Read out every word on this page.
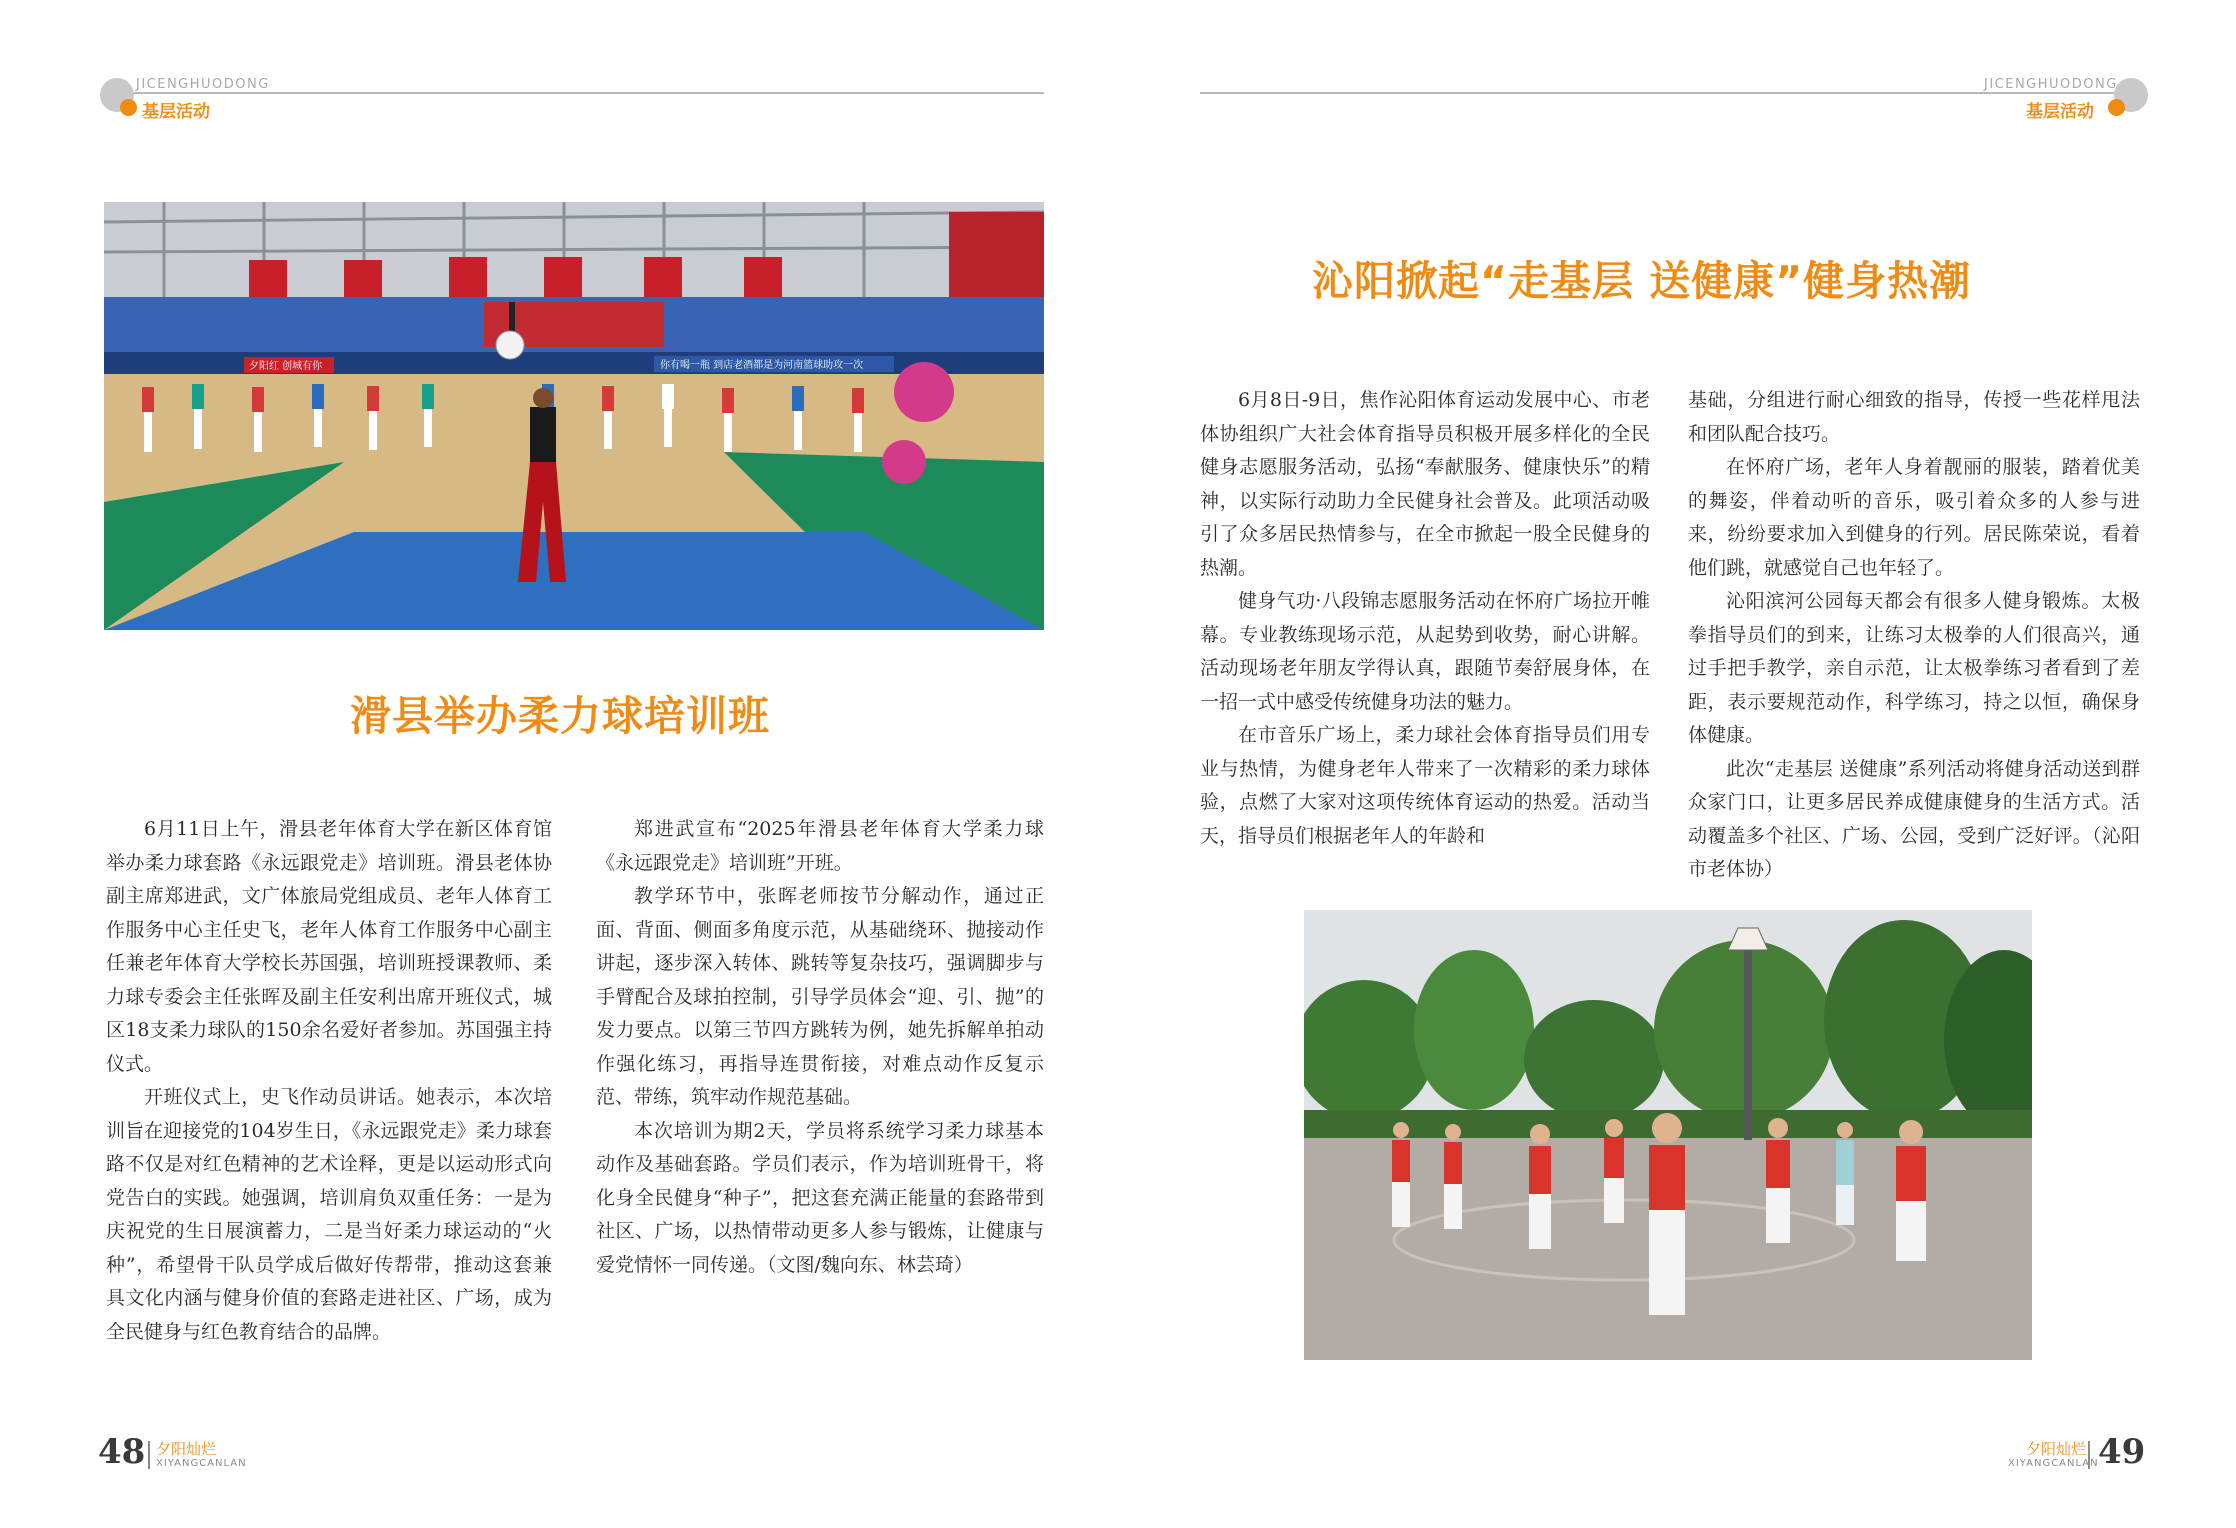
JICENGHUODONG
基层活动
夕阳红 创城有你	你有喝一瓶 到店老酒都是为河南篮球助攻一次
滑县举办柔力球培训班

6月11日上午，滑县老年体育大学在新区体育馆举办柔力球套路《永远跟党走》培训班。滑县老体协副主席郑进武，文广体旅局党组成员、老年人体育工作服务中心主任史飞，老年人体育工作服务中心副主任兼老年体育大学校长苏国强，培训班授课教师、柔力球专委会主任张晖及副主任安利出席开班仪式，城区18支柔力球队的150余名爱好者参加。苏国强主持仪式。

开班仪式上，史飞作动员讲话。她表示，本次培训旨在迎接党的104岁生日，《永远跟党走》柔力球套路不仅是对红色精神的艺术诠释，更是以运动形式向党告白的实践。她强调，培训肩负双重任务：一是为庆祝党的生日展演蓄力，二是当好柔力球运动的“火种”，希望骨干队员学成后做好传帮带，推动这套兼具文化内涵与健身价值的套路走进社区、广场，成为全民健身与红色教育结合的品牌。

郑进武宣布“2025年滑县老年体育大学柔力球《永远跟党走》培训班”开班。

教学环节中，张晖老师按节分解动作，通过正面、背面、侧面多角度示范，从基础绕环、抛接动作讲起，逐步深入转体、跳转等复杂技巧，强调脚步与手臂配合及球拍控制，引导学员体会“迎、引、抛”的发力要点。以第三节四方跳转为例，她先拆解单拍动作强化练习，再指导连贯衔接，对难点动作反复示范、带练，筑牢动作规范基础。

本次培训为期2天，学员将系统学习柔力球基本动作及基础套路。学员们表示，作为培训班骨干，将化身全民健身“种子”，把这套充满正能量的套路带到社区、广场，以热情带动更多人参与锻炼，让健康与爱党情怀一同传递。（文图/魏向东、林芸琦）

48 夕阳灿烂
XIYANGCANLAN
JICENGHUODONG
基层活动
沁阳掀起“走基层 送健康”健身热潮

6月8日-9日，焦作沁阳体育运动发展中心、市老体协组织广大社会体育指导员积极开展多样化的全民健身志愿服务活动，弘扬“奉献服务、健康快乐”的精神，以实际行动助力全民健身社会普及。此项活动吸引了众多居民热情参与，在全市掀起一股全民健身的热潮。

健身气功·八段锦志愿服务活动在怀府广场拉开帷幕。专业教练现场示范，从起势到收势，耐心讲解。活动现场老年朋友学得认真，跟随节奏舒展身体，在一招一式中感受传统健身功法的魅力。

在市音乐广场上，柔力球社会体育指导员们用专业与热情，为健身老年人带来了一次精彩的柔力球体验，点燃了大家对这项传统体育运动的热爱。活动当天，指导员们根据老年人的年龄和

基础，分组进行耐心细致的指导，传授一些花样甩法和团队配合技巧。

在怀府广场，老年人身着靓丽的服装，踏着优美的舞姿，伴着动听的音乐，吸引着众多的人参与进来，纷纷要求加入到健身的行列。居民陈荣说，看着他们跳，就感觉自己也年轻了。

沁阳滨河公园每天都会有很多人健身锻炼。太极拳指导员们的到来，让练习太极拳的人们很高兴，通过手把手教学，亲自示范，让太极拳练习者看到了差距，表示要规范动作，科学练习，持之以恒，确保身体健康。

此次“走基层 送健康”系列活动将健身活动送到群众家门口，让更多居民养成健康健身的生活方式。活动覆盖多个社区、广场、公园，受到广泛好评。（沁阳市老体协）

49
夕阳灿烂
XIYANGCANLAN
